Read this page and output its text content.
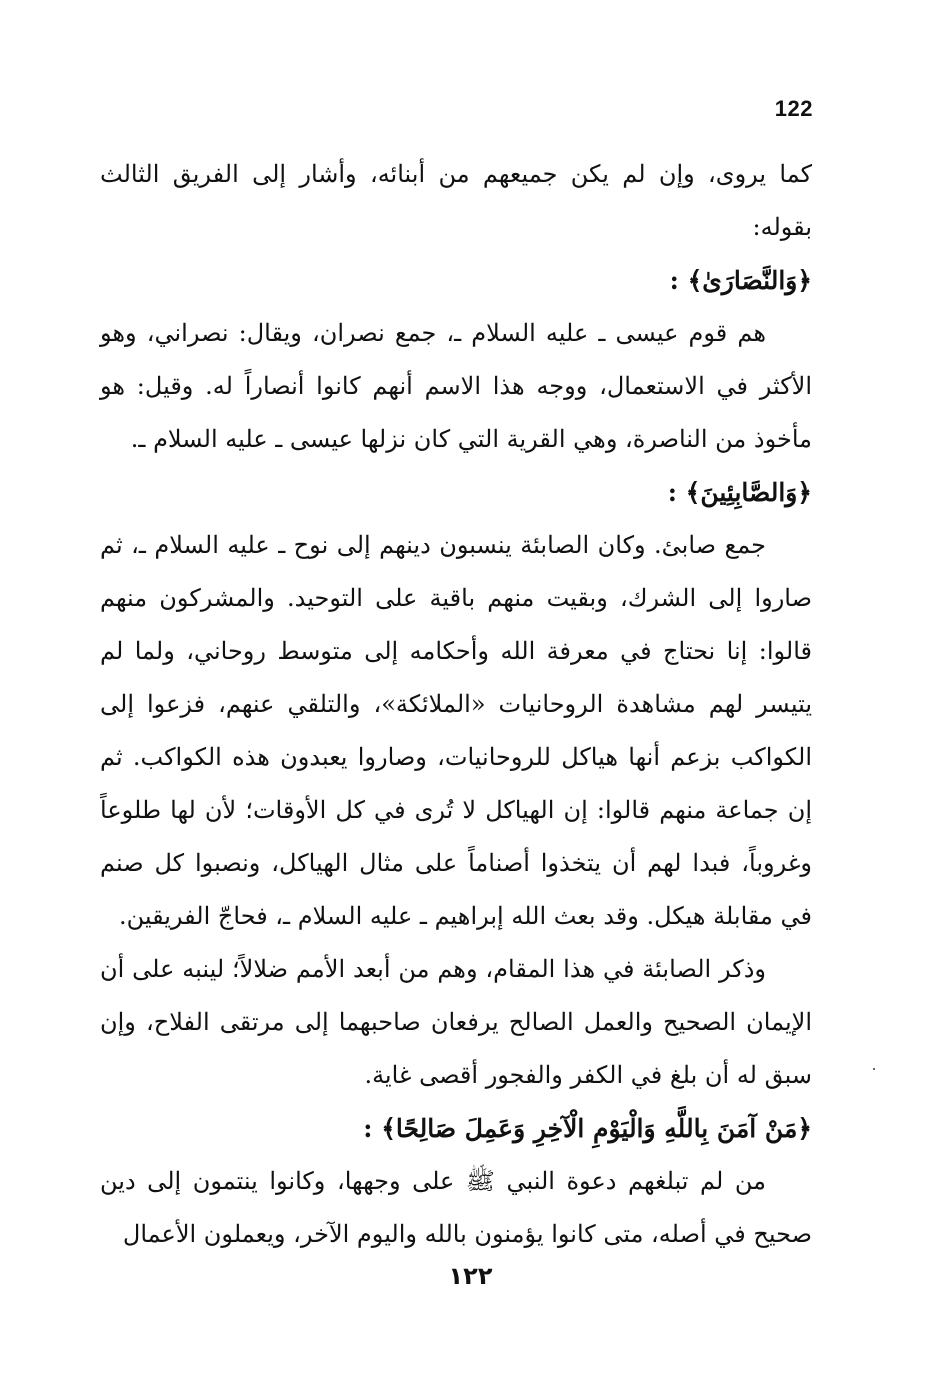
122

كما يروى، وإن لم يكن جميعهم من أبنائه، وأشار إلى الفريق الثالث بقوله:

﴿وَالنَّصَارَىٰ﴾ :

هم قوم عيسى ـ عليه السلام ـ، جمع نصران، ويقال: نصراني، وهو الأكثر في الاستعمال، ووجه هذا الاسم أنهم كانوا أنصاراً له. وقيل: هو مأخوذ من الناصرة، وهي القرية التي كان نزلها عيسى ـ عليه السلام ـ.

﴿وَالصَّابِئِينَ﴾ :

جمع صابئ. وكان الصابئة ينسبون دينهم إلى نوح ـ عليه السلام ـ، ثم صاروا إلى الشرك، وبقيت منهم باقية على التوحيد. والمشركون منهم قالوا: إنا نحتاج في معرفة الله وأحكامه إلى متوسط روحاني، ولما لم يتيسر لهم مشاهدة الروحانيات «الملائكة»، والتلقي عنهم، فزعوا إلى الكواكب بزعم أنها هياكل للروحانيات، وصاروا يعبدون هذه الكواكب. ثم إن جماعة منهم قالوا: إن الهياكل لا تُرى في كل الأوقات؛ لأن لها طلوعاً وغروباً، فبدا لهم أن يتخذوا أصناماً على مثال الهياكل، ونصبوا كل صنم في مقابلة هيكل. وقد بعث الله إبراهيم ـ عليه السلام ـ، فحاجّ الفريقين.

وذكر الصابئة في هذا المقام، وهم من أبعد الأمم ضلالاً؛ لينبه على أن الإيمان الصحيح والعمل الصالح يرفعان صاحبهما إلى مرتقى الفلاح، وإن سبق له أن بلغ في الكفر والفجور أقصى غاية.

﴿مَنْ آمَنَ بِاللَّهِ وَالْيَوْمِ الْآخِرِ وَعَمِلَ صَالِحًا﴾ :

من لم تبلغهم دعوة النبي ﷺ على وجهها، وكانوا ينتمون إلى دين صحيح في أصله، متى كانوا يؤمنون بالله واليوم الآخر، ويعملون الأعمال

١٢٢
